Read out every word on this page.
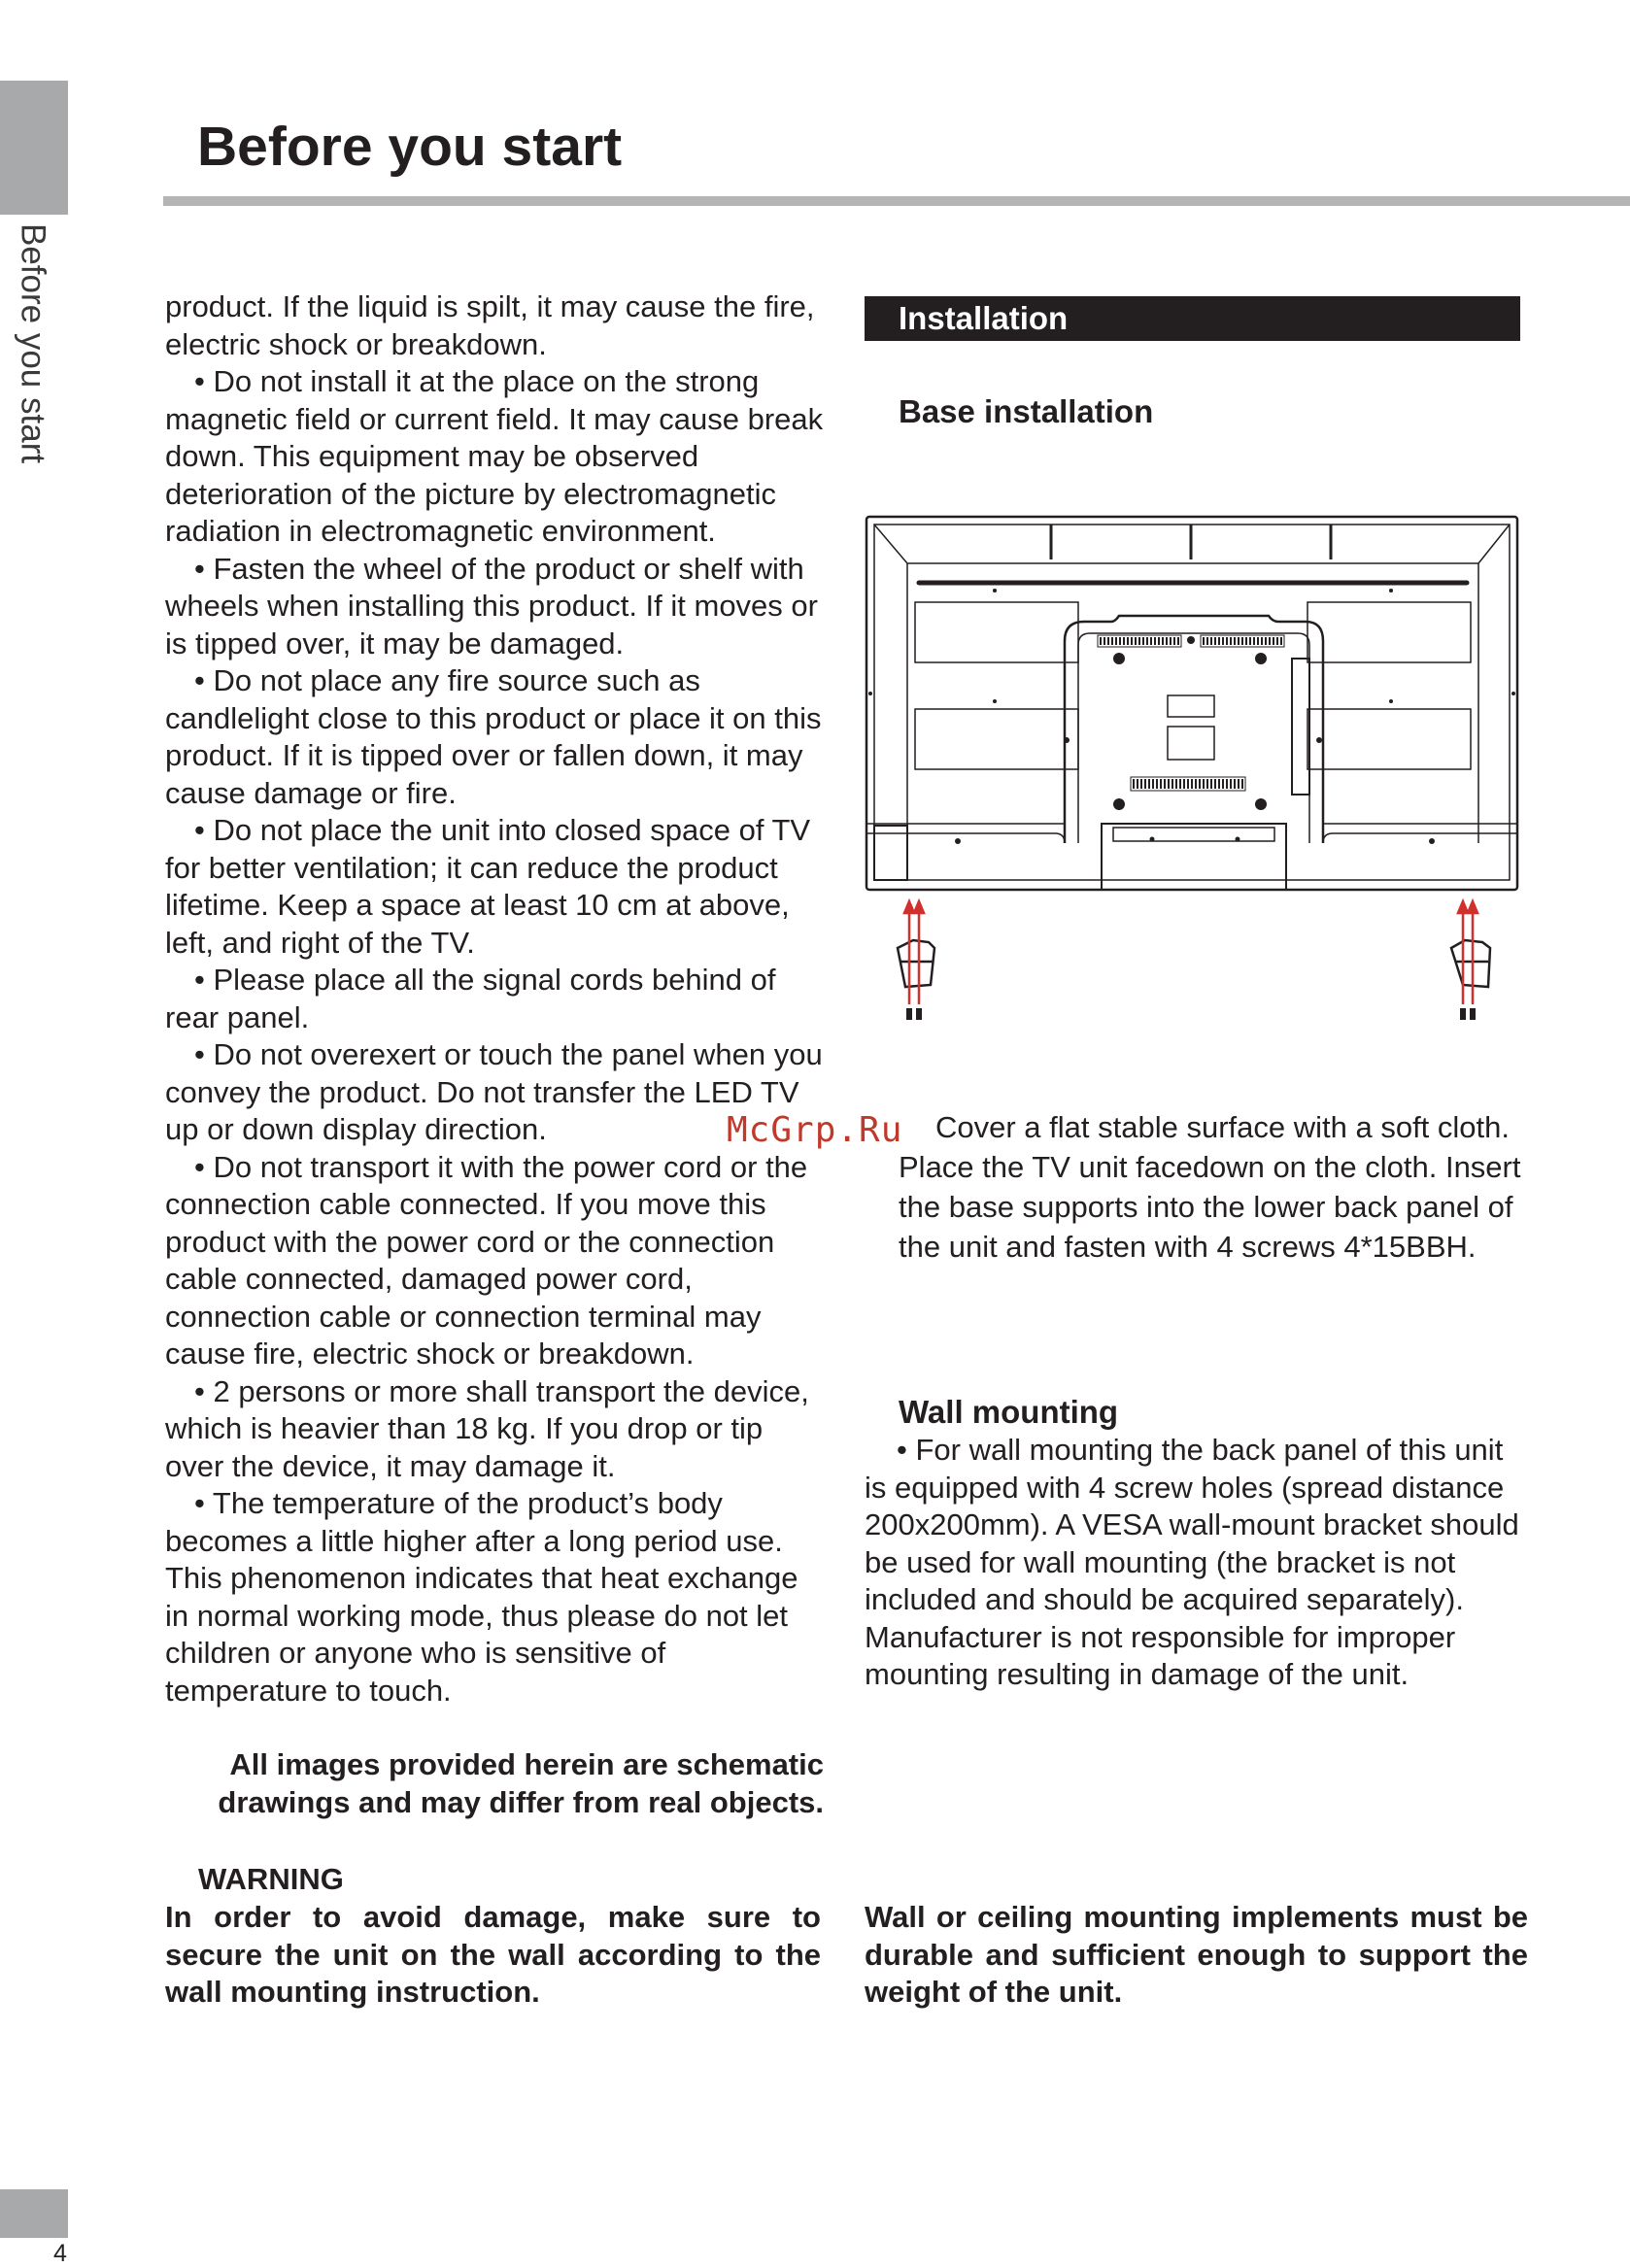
Before you start
Before you start

product. If the liquid is spilt, it may cause the fire, electric shock or breakdown.

• Do not install it at the place on the strong magnetic field or current field. It may cause break down. This equipment may be observed deterioration of the picture by electromagnetic radiation in electromagnetic environment.

• Fasten the wheel of the product or shelf with wheels when installing this product. If it moves or is tipped over, it may be damaged.

• Do not place any fire source such as candlelight close to this product or place it on this product. If it is tipped over or fallen down, it may cause damage or fire.

• Do not place the unit into closed space of TV for better ventilation; it can reduce the product lifetime. Keep a space at least 10 cm at above, left, and right of the TV.

• Please place all the signal cords behind of rear panel.

• Do not overexert or touch the panel when you convey the product. Do not transfer the LED TV up or down display direction.

• Do not transport it with the power cord or the connection cable connected. If you move this product with the power cord or the connection cable connected, damaged power cord, connection cable or connection terminal may cause fire, electric shock or breakdown.

• 2 persons or more shall transport the device, which is heavier than 18 kg. If you drop or tip over the device, it may damage it.

• The temperature of the product’s body becomes a little higher after a long period use. This phenomenon indicates that heat exchange in normal working mode, thus please do not let children or anyone who is sensitive of temperature to touch.

All images provided herein are schematic drawings and may differ from real objects.

WARNING

In order to avoid damage, make sure to secure the unit on the wall according to the wall mounting instruction.

Installation
Base installation
McGrp.Ru	Cover a flat stable surface with a soft cloth. Place the TV unit facedown on the cloth. Insert the base supports into the lower back panel of the unit and fasten with 4 screws 4*15BBH.

Wall mounting

• For wall mounting the back panel of this unit is equipped with 4 screw holes (spread distance 200x200mm). A VESA wall-mount bracket should be used for wall mounting (the bracket is not included and should be acquired separately). Manufacturer is not responsible for improper mounting resulting in damage of the unit.

Wall or ceiling mounting implements must be durable and sufficient enough to support the weight of the unit.

4
